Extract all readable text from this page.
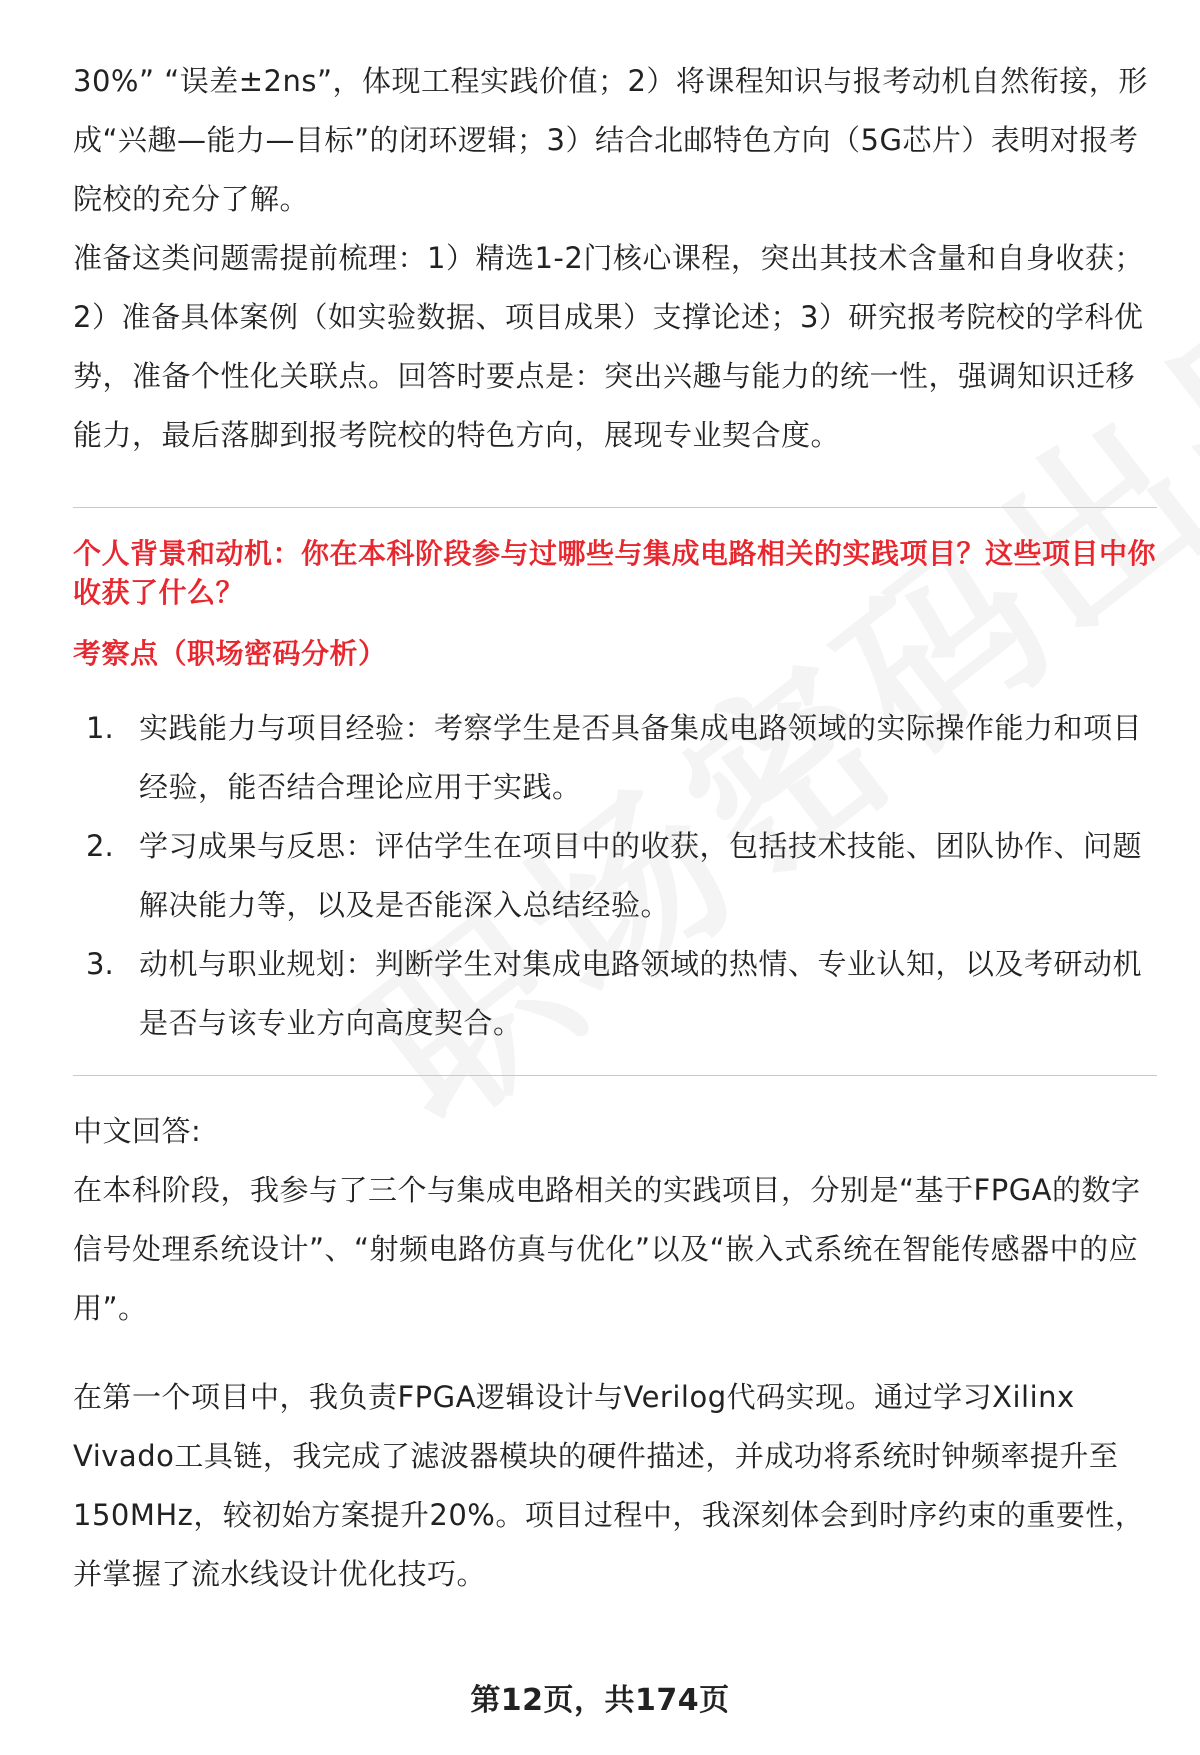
30%” “误差±2ns”，体现工程实践价值；2）将课程知识与报考动机自然衔接，形成“兴趣—能力—目标”的闭环逻辑；3）结合北邮特色方向（5G芯片）表明对报考院校的充分了解。

准备这类问题需提前梳理：1）精选1-2门核心课程，突出其技术含量和自身收获；2）准备具体案例（如实验数据、项目成果）支撑论述；3）研究报考院校的学科优势，准备个性化关联点。回答时要点是：突出兴趣与能力的统一性，强调知识迁移能力，最后落脚到报考院校的特色方向，展现专业契合度。

个人背景和动机：你在本科阶段参与过哪些与集成电路相关的实践项目？这些项目中你收获了什么？
考察点（职场密码分析）
1. 实践能力与项目经验：考察学生是否具备集成电路领域的实际操作能力和项目经验，能否结合理论应用于实践。
2. 学习成果与反思：评估学生在项目中的收获，包括技术技能、团队协作、问题解决能力等，以及是否能深入总结经验。
3. 动机与职业规划：判断学生对集成电路领域的热情、专业认知，以及考研动机是否与该专业方向高度契合。

中文回答:

在本科阶段，我参与了三个与集成电路相关的实践项目，分别是“基于FPGA的数字信号处理系统设计”、“射频电路仿真与优化”以及“嵌入式系统在智能传感器中的应用”。

在第一个项目中，我负责FPGA逻辑设计与Verilog代码实现。通过学习Xilinx Vivado工具链，我完成了滤波器模块的硬件描述，并成功将系统时钟频率提升至150MHz，较初始方案提升20%。项目过程中，我深刻体会到时序约束的重要性，并掌握了流水线设计优化技巧。

第12页，共174页
